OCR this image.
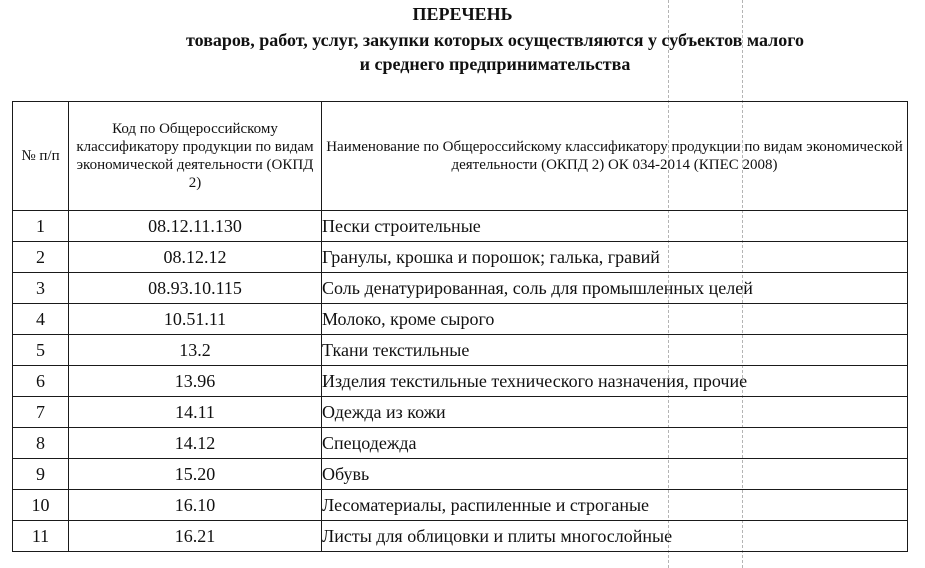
ПЕРЕЧЕНЬ
товаров, работ, услуг, закупки которых осуществляются у субъектов малого
и среднего предпринимательства
№ п/п	Код по Общероссийскому классификатору продукции по видам экономической деятельности (ОКПД 2)	Наименование по Общероссийскому классификатору продукции по видам экономической деятельности (ОКПД 2) ОК 034-2014 (КПЕС 2008)
1	08.12.11.130	Пески строительные
2	08.12.12	Гранулы, крошка и порошок; галька, гравий
3	08.93.10.115	Соль денатурированная, соль для промышленных целей
4	10.51.11	Молоко, кроме сырого
5	13.2	Ткани текстильные
6	13.96	Изделия текстильные технического назначения, прочие
7	14.11	Одежда из кожи
8	14.12	Спецодежда
9	15.20	Обувь
10	16.10	Лесоматериалы, распиленные и строганые
11	16.21	Листы для облицовки и плиты многослойные
